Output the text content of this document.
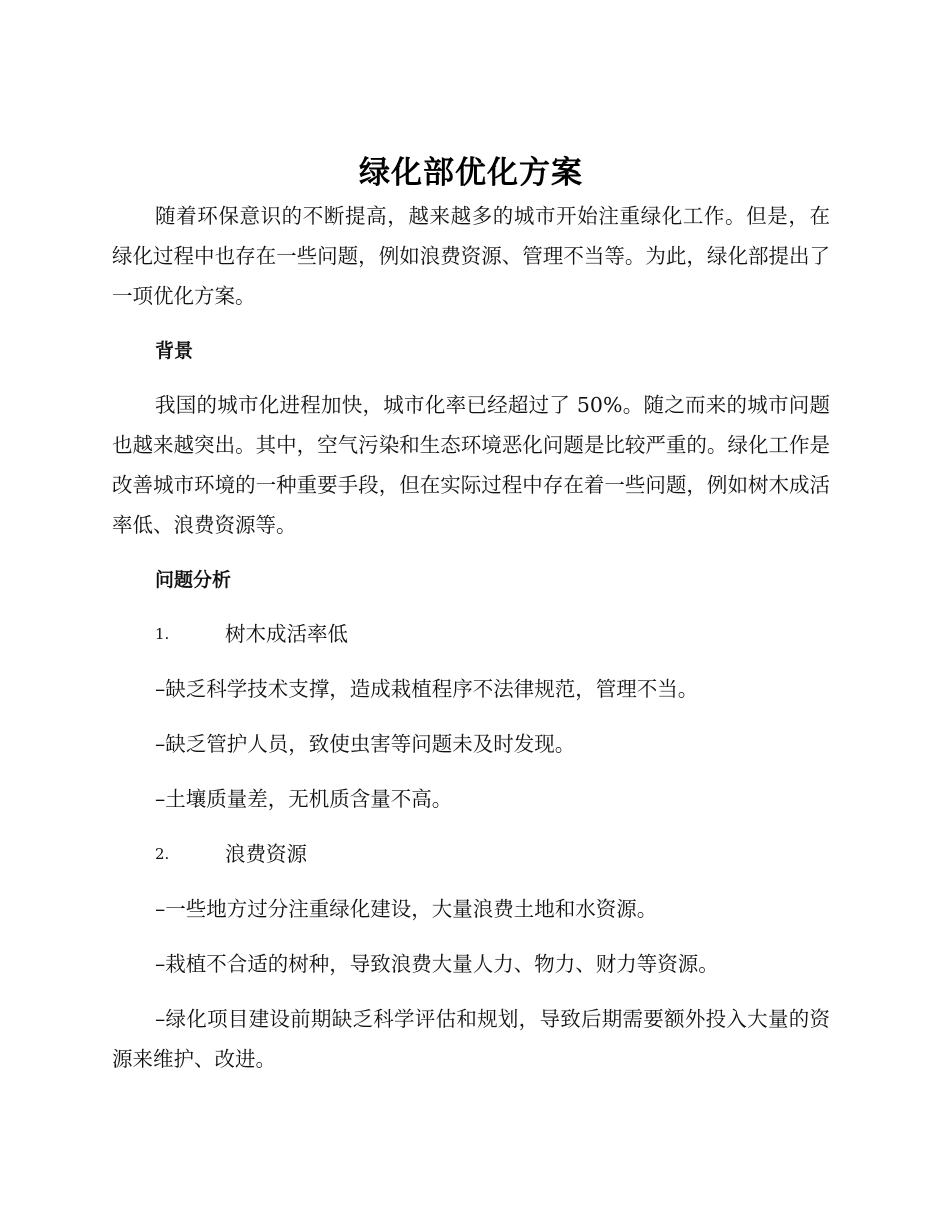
绿化部优化方案

随着环保意识的不断提高，越来越多的城市开始注重绿化工作。但是，在绿化过程中也存在一些问题，例如浪费资源、管理不当等。为此，绿化部提出了一项优化方案。

背景

我国的城市化进程加快，城市化率已经超过了 50%。随之而来的城市问题也越来越突出。其中，空气污染和生态环境恶化问题是比较严重的。绿化工作是改善城市环境的一种重要手段，但在实际过程中存在着一些问题，例如树木成活率低、浪费资源等。

问题分析
1.	树木成活率低

–缺乏科学技术支撑，造成栽植程序不法律规范，管理不当。

–缺乏管护人员，致使虫害等问题未及时发现。

–土壤质量差，无机质含量不高。

2.	浪费资源

–一些地方过分注重绿化建设，大量浪费土地和水资源。

–栽植不合适的树种，导致浪费大量人力、物力、财力等资源。

–绿化项目建设前期缺乏科学评估和规划，导致后期需要额外投入大量的资源来维护、改进。
